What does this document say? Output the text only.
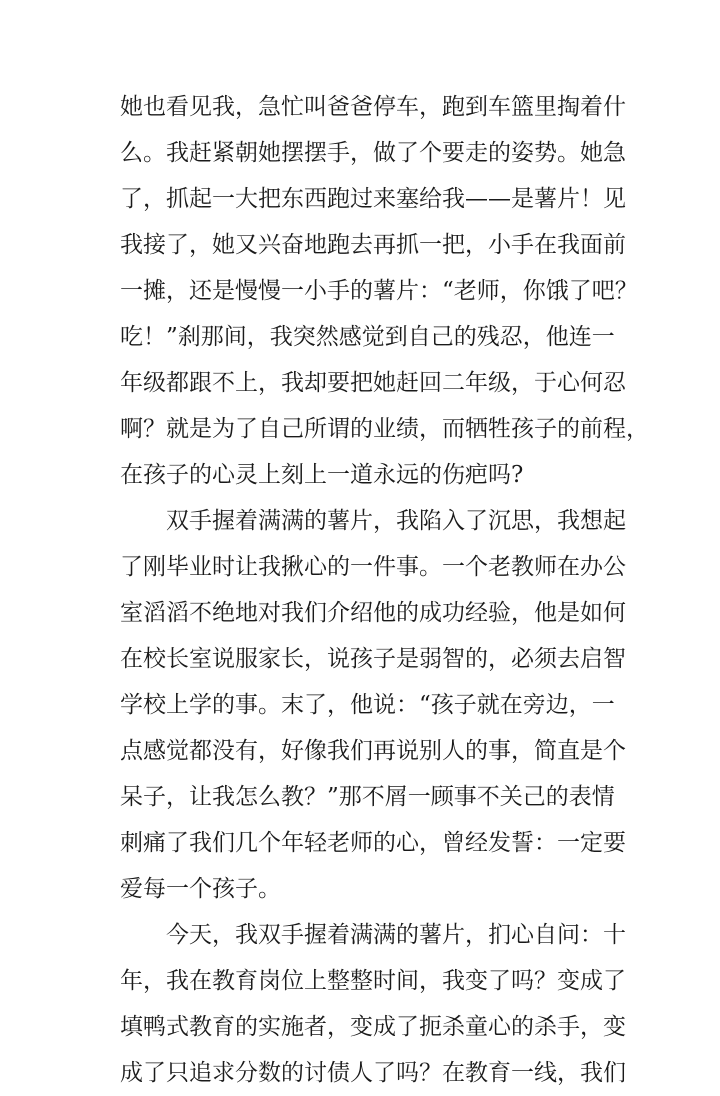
她也看见我，急忙叫爸爸停车，跑到车篮里掏着什
么。我赶紧朝她摆摆手，做了个要走的姿势。她急
了，抓起一大把东西跑过来塞给我——是薯片！见
我接了，她又兴奋地跑去再抓一把，小手在我面前
一摊，还是慢慢一小手的薯片：“老师，你饿了吧？
吃！”刹那间，我突然感觉到自己的残忍，他连一
年级都跟不上，我却要把她赶回二年级，于心何忍
啊？就是为了自己所谓的业绩，而牺牲孩子的前程，
在孩子的心灵上刻上一道永远的伤疤吗?
双手握着满满的薯片，我陷入了沉思，我想起
了刚毕业时让我揪心的一件事。一个老教师在办公
室滔滔不绝地对我们介绍他的成功经验，他是如何
在校长室说服家长，说孩子是弱智的，必须去启智
学校上学的事。末了，他说：“孩子就在旁边，一
点感觉都没有，好像我们再说别人的事，简直是个
呆子，让我怎么教？”那不屑一顾事不关己的表情
刺痛了我们几个年轻老师的心，曾经发誓：一定要
爱每一个孩子。
今天，我双手握着满满的薯片，扪心自问：十
年，我在教育岗位上整整时间，我变了吗？变成了
填鸭式教育的实施者，变成了扼杀童心的杀手，变
成了只追求分数的讨债人了吗？在教育一线，我们
